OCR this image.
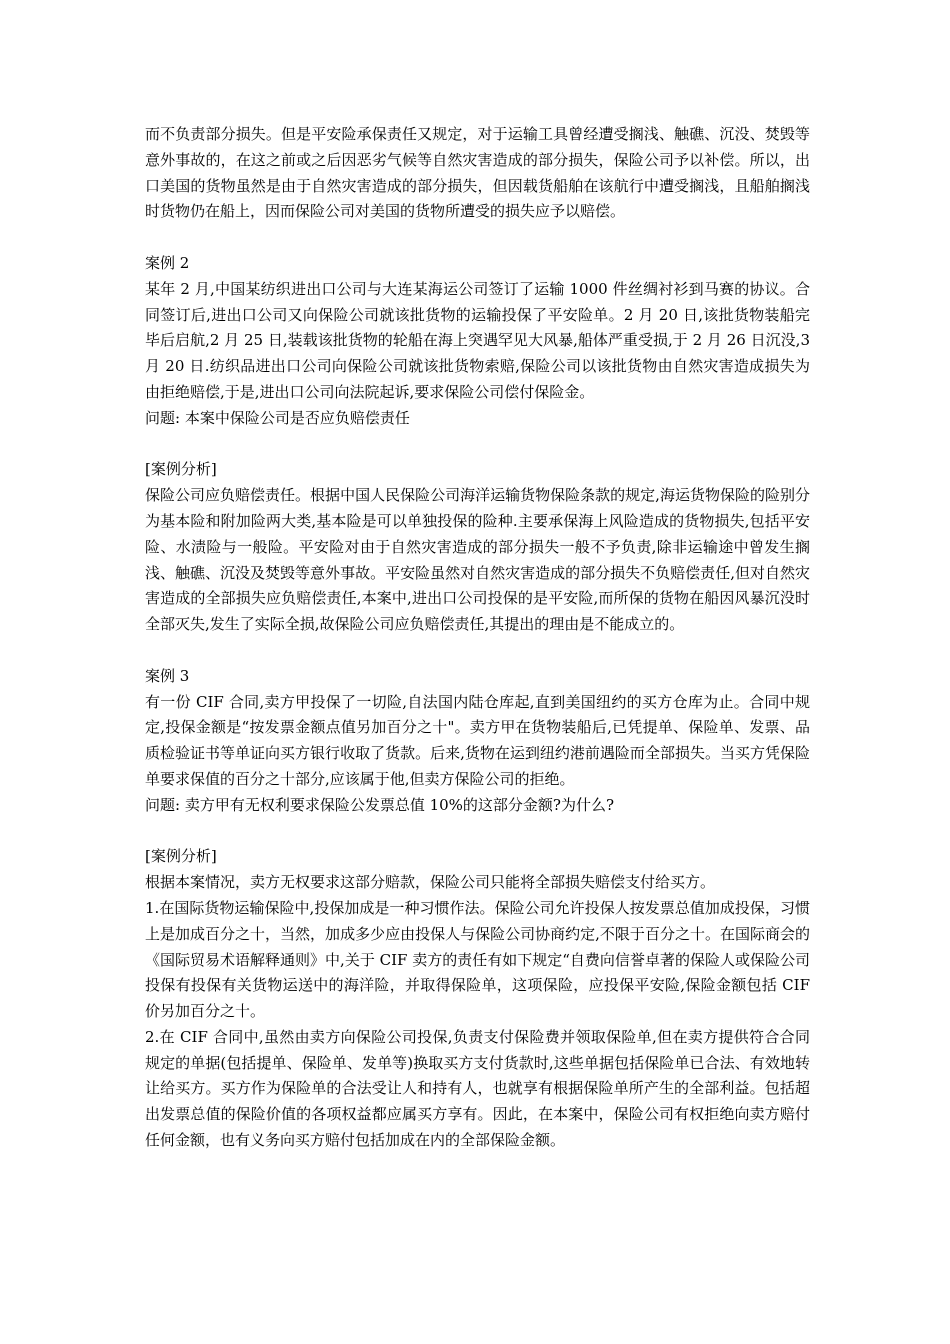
而不负责部分损失。但是平安险承保责任又规定，对于运输工具曾经遭受搁浅、触礁、沉没、焚毁等意外事故的，在这之前或之后因恶劣气候等自然灾害造成的部分损失，保险公司予以补偿。所以，出口美国的货物虽然是由于自然灾害造成的部分损失，但因载货船舶在该航行中遭受搁浅，且船舶搁浅时货物仍在船上，因而保险公司对美国的货物所遭受的损失应予以赔偿。

案例 2

某年 2 月,中国某纺织进出口公司与大连某海运公司签订了运输 1000 件丝绸衬衫到马赛的协议。合同签订后,进出口公司又向保险公司就该批货物的运输投保了平安险单。2 月 20 日,该批货物装船完毕后启航,2 月 25 日,装载该批货物的轮船在海上突遇罕见大风暴,船体严重受损,于 2 月 26 日沉没,3 月 20 日.纺织品进出口公司向保险公司就该批货物索赔,保险公司以该批货物由自然灾害造成损失为由拒绝赔偿,于是,进出口公司向法院起诉,要求保险公司偿付保险金。

问题: 本案中保险公司是否应负赔偿责任

[案例分析]

保险公司应负赔偿责任。根据中国人民保险公司海洋运输货物保险条款的规定,海运货物保险的险别分为基本险和附加险两大类,基本险是可以单独投保的险种.主要承保海上风险造成的货物损失,包括平安险、水渍险与一般险。平安险对由于自然灾害造成的部分损失一般不予负责,除非运输途中曾发生搁浅、触礁、沉没及焚毁等意外事故。平安险虽然对自然灾害造成的部分损失不负赔偿责任,但对自然灾害造成的全部损失应负赔偿责任,本案中,进出口公司投保的是平安险,而所保的货物在船因风暴沉没时全部灭失,发生了实际全损,故保险公司应负赔偿责任,其提出的理由是不能成立的。

案例 3

有一份 CIF 合同,卖方甲投保了一切险,自法国内陆仓库起,直到美国纽约的买方仓库为止。合同中规定,投保金额是“按发票金额点值另加百分之十"。卖方甲在货物装船后,已凭提单、保险单、发票、品质检验证书等单证向买方银行收取了货款。后来,货物在运到纽约港前遇险而全部损失。当买方凭保险单要求保值的百分之十部分,应该属于他,但卖方保险公司的拒绝。

问题: 卖方甲有无权利要求保险公发票总值 10%的这部分金额?为什么?

[案例分析]

根据本案情况，卖方无权要求这部分赔款，保险公司只能将全部损失赔偿支付给买方。

1.在国际货物运输保险中,投保加成是一种习惯作法。保险公司允许投保人按发票总值加成投保，习惯上是加成百分之十，当然，加成多少应由投保人与保险公司协商约定,不限于百分之十。在国际商会的《国际贸易术语解释通则》中,关于 CIF 卖方的责任有如下规定“自费向信誉卓著的保险人或保险公司投保有投保有关货物运送中的海洋险，并取得保险单，这项保险，应投保平安险,保险金额包括 CIF 价另加百分之十。

2.在 CIF 合同中,虽然由卖方向保险公司投保,负责支付保险费并领取保险单,但在卖方提供符合合同规定的单据(包括提单、保险单、发单等)换取买方支付货款时,这些单据包括保险单已合法、有效地转让给买方。买方作为保险单的合法受让人和持有人，也就享有根据保险单所产生的全部利益。包括超出发票总值的保险价值的各项权益都应属买方享有。因此，在本案中，保险公司有权拒绝向卖方赔付任何金额，也有义务向买方赔付包括加成在内的全部保险金额。
